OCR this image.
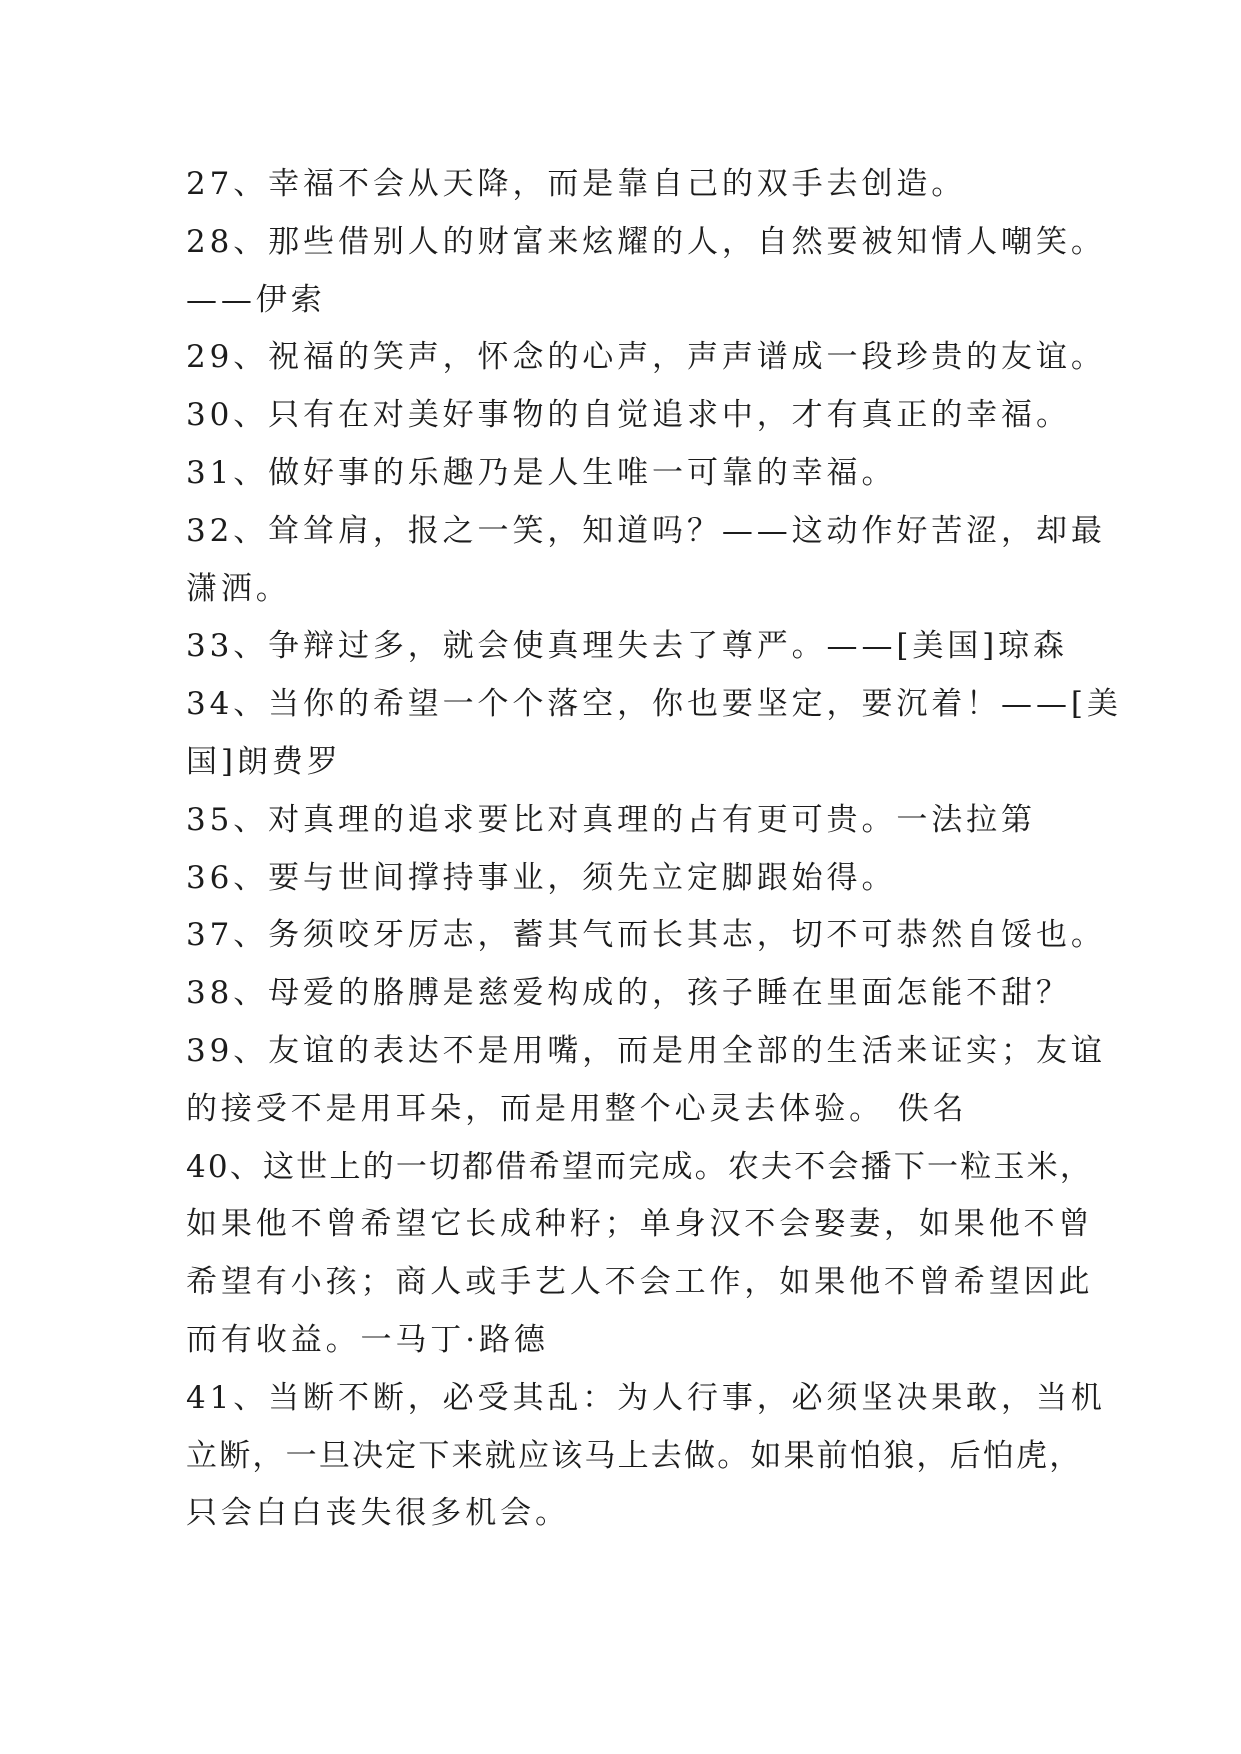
27、幸福不会从天降，而是靠自己的双手去创造。
28、那些借别人的财富来炫耀的人，自然要被知情人嘲笑。
——伊索
29、祝福的笑声，怀念的心声，声声谱成一段珍贵的友谊。
30、只有在对美好事物的自觉追求中，才有真正的幸福。
31、做好事的乐趣乃是人生唯一可靠的幸福。
32、耸耸肩，报之一笑，知道吗？——这动作好苦涩，却最
潇洒。
33、争辩过多，就会使真理失去了尊严。——[美国]琼森
34、当你的希望一个个落空，你也要坚定，要沉着！——[美
国]朗费罗
35、对真理的追求要比对真理的占有更可贵。一法拉第
36、要与世间撑持事业，须先立定脚跟始得。
37、务须咬牙厉志，蓄其气而长其志，切不可恭然自馁也。
38、母爱的胳膊是慈爱构成的，孩子睡在里面怎能不甜？
39、友谊的表达不是用嘴，而是用全部的生活来证实；友谊
的接受不是用耳朵，而是用整个心灵去体验。 佚名
40、这世上的一切都借希望而完成。农夫不会播下一粒玉米，
如果他不曾希望它长成种籽；单身汉不会娶妻，如果他不曾
希望有小孩；商人或手艺人不会工作，如果他不曾希望因此
而有收益。一马丁·路德
41、当断不断，必受其乱：为人行事，必须坚决果敢，当机
立断，一旦决定下来就应该马上去做。如果前怕狼，后怕虎，
只会白白丧失很多机会。
